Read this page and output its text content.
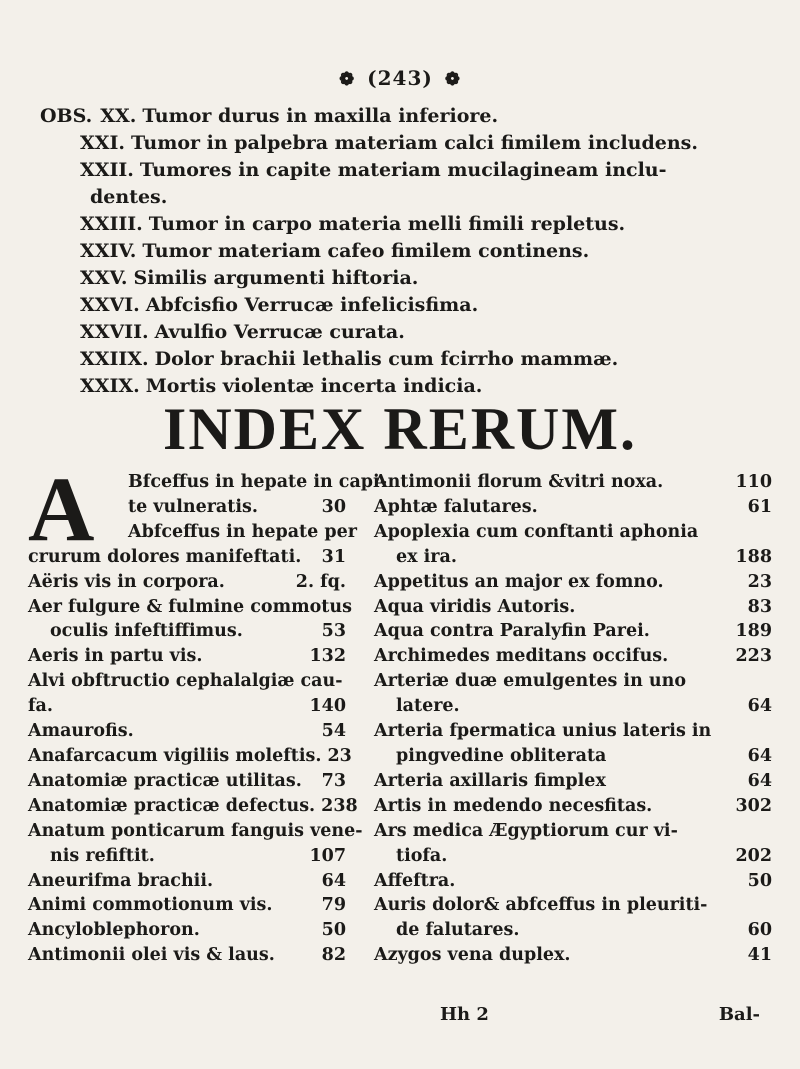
❁ (243) ❁
OBS. XX. Tumor durus in maxilla inferiore.
XXI. Tumor in palpebra materiam calci fimilem includens.
XXII. Tumores in capite materiam mucilagineam inclu-
dentes.
XXIII. Tumor in carpo materia melli fimili repletus.
XXIV. Tumor materiam cafeo fimilem continens.
XXV. Similis argumenti hiftoria.
XXVI. Abfcisfio Verrucæ infelicisfima.
XXVII. Avulfio Verrucæ curata.
XXIIX. Dolor brachii lethalis cum fcirrho mammæ.
XXIX. Mortis violentæ incerta indicia.
INDEX RERUM.
A Bfceffus in hepate in capi-
te vulneratis.	30
Abfceffus in hepate per
crurum dolores manifeftati.	31
Aëris vis in corpora.	2. fq.
Aer fulgure & fulmine commotus
oculis infeftiffimus.	53
Aeris in partu vis.	132
Alvi obftructio cephalalgiæ cau-
fa.	140
Amaurofis.	54
Anafarcacum vigiliis moleftis. 23
Anatomiæ practicæ utilitas.	73
Anatomiæ practicæ defectus. 238
Anatum ponticarum fanguis vene-
nis refiftit.	107
Aneurifma brachii.	64
Animi commotionum vis.	79
Ancyloblephoron.	50
Antimonii olei vis & laus.	82
Antimonii florum &vitri noxa.	110
Aphtæ falutares.	61
Apoplexia cum conftanti aphonia
ex ira.	188
Appetitus an major ex fomno.	23
Aqua viridis Autoris.	83
Aqua contra Paralyfin Parei.	189
Archimedes meditans occifus.	223
Arteriæ duæ emulgentes in uno
latere.	64
Arteria fpermatica unius lateris in
pingvedine obliterata	64
Arteria axillaris fimplex	64
Artis in medendo necesfitas.	302
Ars medica Ægyptiorum cur vi-
tiofa.	202
Affeftra.	50
Auris dolor& abfceffus in pleuriti-
de falutares.	60
Azygos vena duplex.	41
Hh 2	Bal-
